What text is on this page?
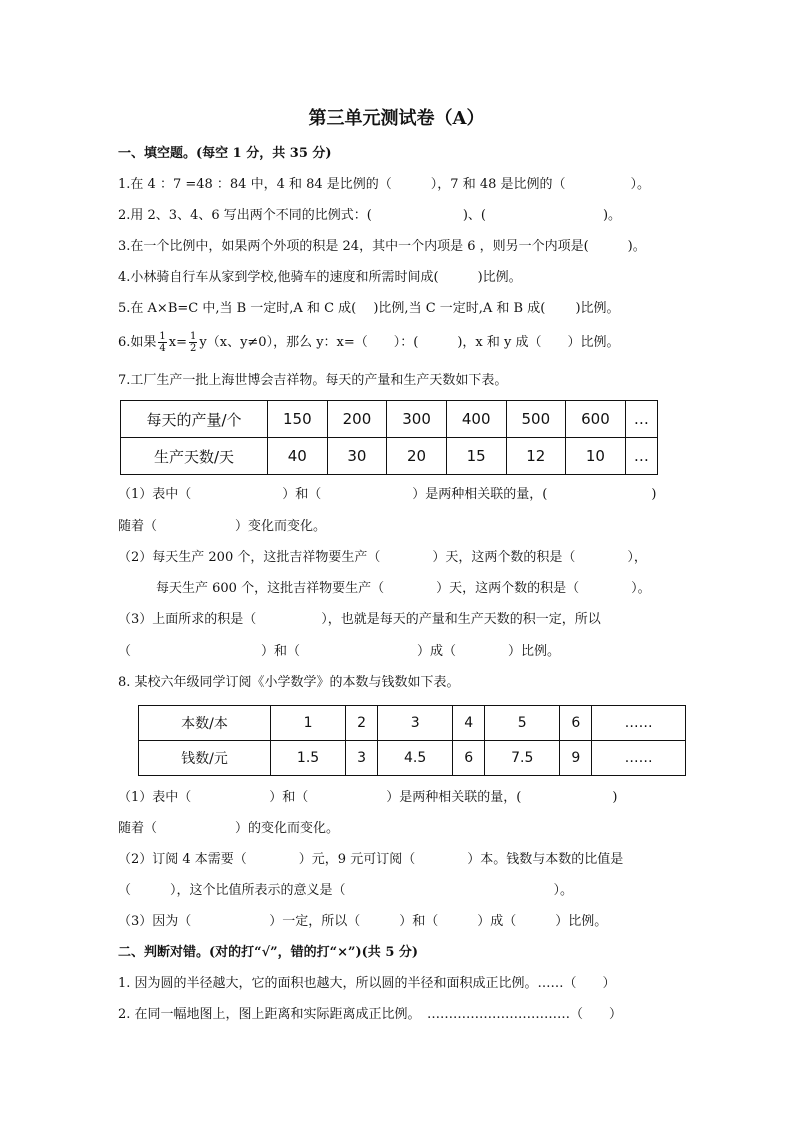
第三单元测试卷（A）
一、填空题。(每空 1 分，共 35 分)
1.在 4 ：7 =48 ：84 中，4 和 84 是比例的（　　　），7 和 48 是比例的（　　　　　）。
2.用 2、3、4、6 写出两个不同的比例式：(　　　　　　　)、(　　　　　　　　　)。
3.在一个比例中，如果两个外项的积是 24，其中一个内项是 6 ，则另一个内项是(　　　)。
4.小林骑自行车从家到学校,他骑车的速度和所需时间成(　　　)比例。
5.在 A×B=C 中,当 B 一定时,A 和 C 成(　 )比例,当 C 一定时,A 和 B 成(　　 )比例。
6.如果 $\frac{1}{4} x= \frac{1}{2} y(x$、y≠0），那么 y：x=（　　）：(　　　)，x 和 y 成（　　）比例。
7.工厂生产一批上海世博会吉祥物。每天的产量和生产天数如下表。
每天的产量/个	150	200	300	400	500	600	…
生产天数/天	40	30	20	15	12	10	…
（1）表中（　　　　　　　）和（　　　　　　　）是两种相关联的量，(　　　　　　　　)
随着（　　　　　　）变化而变化。
（2）每天生产 200 个，这批吉祥物要生产（　　　　）天，这两个数的积是（　　　　），
每天生产 600 个，这批吉祥物要生产（　　　　）天，这两个数的积是（　　　　）。
（3）上面所求的积是（　　　　　），也就是每天的产量和生产天数的积一定，所以
（　　　　　　　　　　）和（　　　　　　　　　）成（　　　　）比例。
8. 某校六年级同学订阅《小学数学》的本数与钱数如下表。
本数/本	1	2	3	4	5	6	……
钱数/元	1.5	3	4.5	6	7.5	9	……
（1）表中（　　　　　　）和（　　　　　　）是两种相关联的量，(　　　　　　　)
随着（　　　　　　）的变化而变化。
（2）订阅 4 本需要（　　　　）元，9 元可订阅（　　　　）本。钱数与本数的比值是
（　　　），这个比值所表示的意义是（　　　　　　　　　　　　　　　　）。
（3）因为（　　　　　　）一定，所以（　　　）和（　　　）成（　　　）比例。
二、判断对错。(对的打“√”，错的打“×”)(共 5 分)
1. 因为圆的半径越大，它的面积也越大，所以圆的半径和面积成正比例。……（　　）
2. 在同一幅地图上，图上距离和实际距离成正比例。　……………………………（　　）
